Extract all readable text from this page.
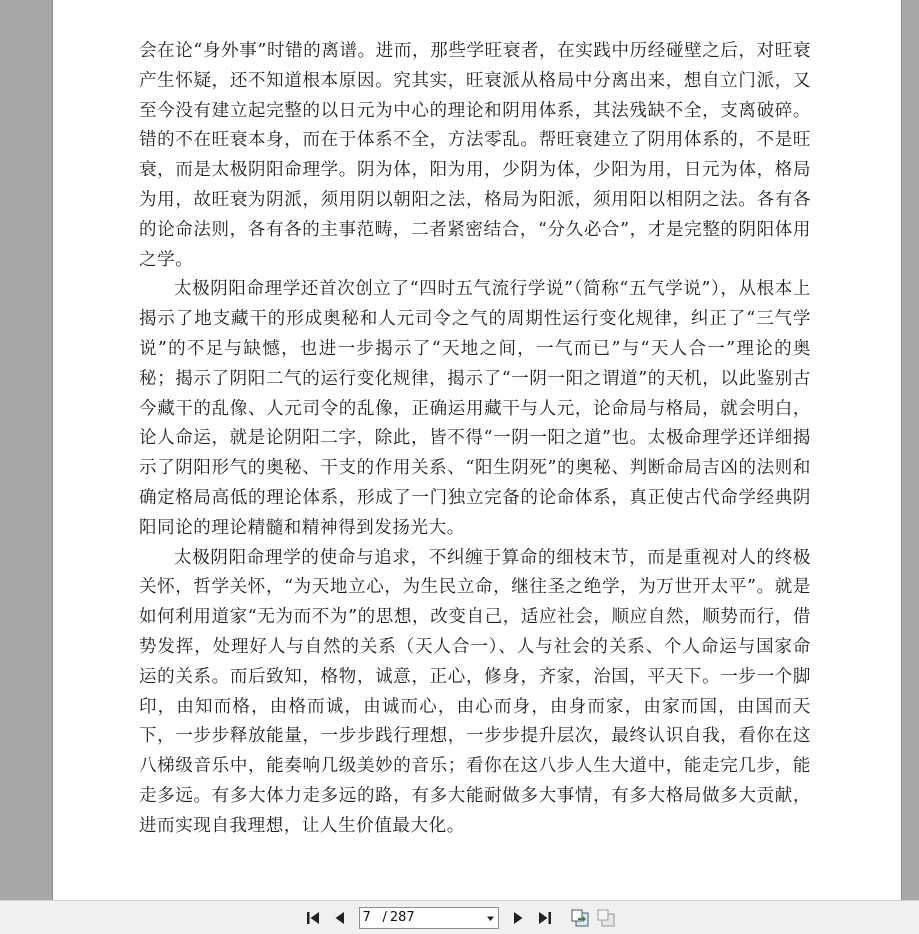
会在论“身外事”时错的离谱。进而，那些学旺衰者，在实践中历经碰壁之后，对旺衰产生怀疑，还不知道根本原因。究其实，旺衰派从格局中分离出来，想自立门派，又至今没有建立起完整的以日元为中心的理论和阴用体系，其法残缺不全，支离破碎。错的不在旺衰本身，而在于体系不全，方法零乱。帮旺衰建立了阴用体系的，不是旺衰，而是太极阴阳命理学。阴为体，阳为用，少阴为体，少阳为用，日元为体，格局为用，故旺衰为阴派，须用阴以朝阳之法，格局为阳派，须用阳以相阴之法。各有各的论命法则，各有各的主事范畴，二者紧密结合，“分久必合”，才是完整的阴阳体用之学。

太极阴阳命理学还首次创立了“四时五气流行学说”（简称“五气学说”），从根本上揭示了地支藏干的形成奥秘和人元司令之气的周期性运行变化规律，纠正了“三气学说”的不足与缺憾，也进一步揭示了“天地之间，一气而已”与“天人合一”理论的奥秘；揭示了阴阳二气的运行变化规律，揭示了“一阴一阳之谓道”的天机，以此鉴别古今藏干的乱像、人元司令的乱像，正确运用藏干与人元，论命局与格局，就会明白，论人命运，就是论阴阳二字，除此，皆不得“一阴一阳之道”也。太极命理学还详细揭示了阴阳形气的奥秘、干支的作用关系、“阳生阴死”的奥秘、判断命局吉凶的法则和确定格局高低的理论体系，形成了一门独立完备的论命体系，真正使古代命学经典阴阳同论的理论精髓和精神得到发扬光大。

太极阴阳命理学的使命与追求，不纠缠于算命的细枝末节，而是重视对人的终极关怀，哲学关怀，“为天地立心，为生民立命，继往圣之绝学，为万世开太平”。就是如何利用道家“无为而不为”的思想，改变自己，适应社会，顺应自然，顺势而行，借势发挥，处理好人与自然的关系（天人合一）、人与社会的关系、个人命运与国家命运的关系。而后致知，格物，诚意，正心，修身，齐家，治国，平天下。一步一个脚印，由知而格，由格而诚，由诚而心，由心而身，由身而家，由家而国，由国而天下，一步步释放能量，一步步践行理想，一步步提升层次，最终认识自我，看你在这八梯级音乐中，能奏响几级美妙的音乐；看你在这八步人生大道中，能走完几步，能走多远。有多大体力走多远的路，有多大能耐做多大事情，有多大格局做多大贡献，进而实现自我理想，让人生价值最大化。

7
/ 287
